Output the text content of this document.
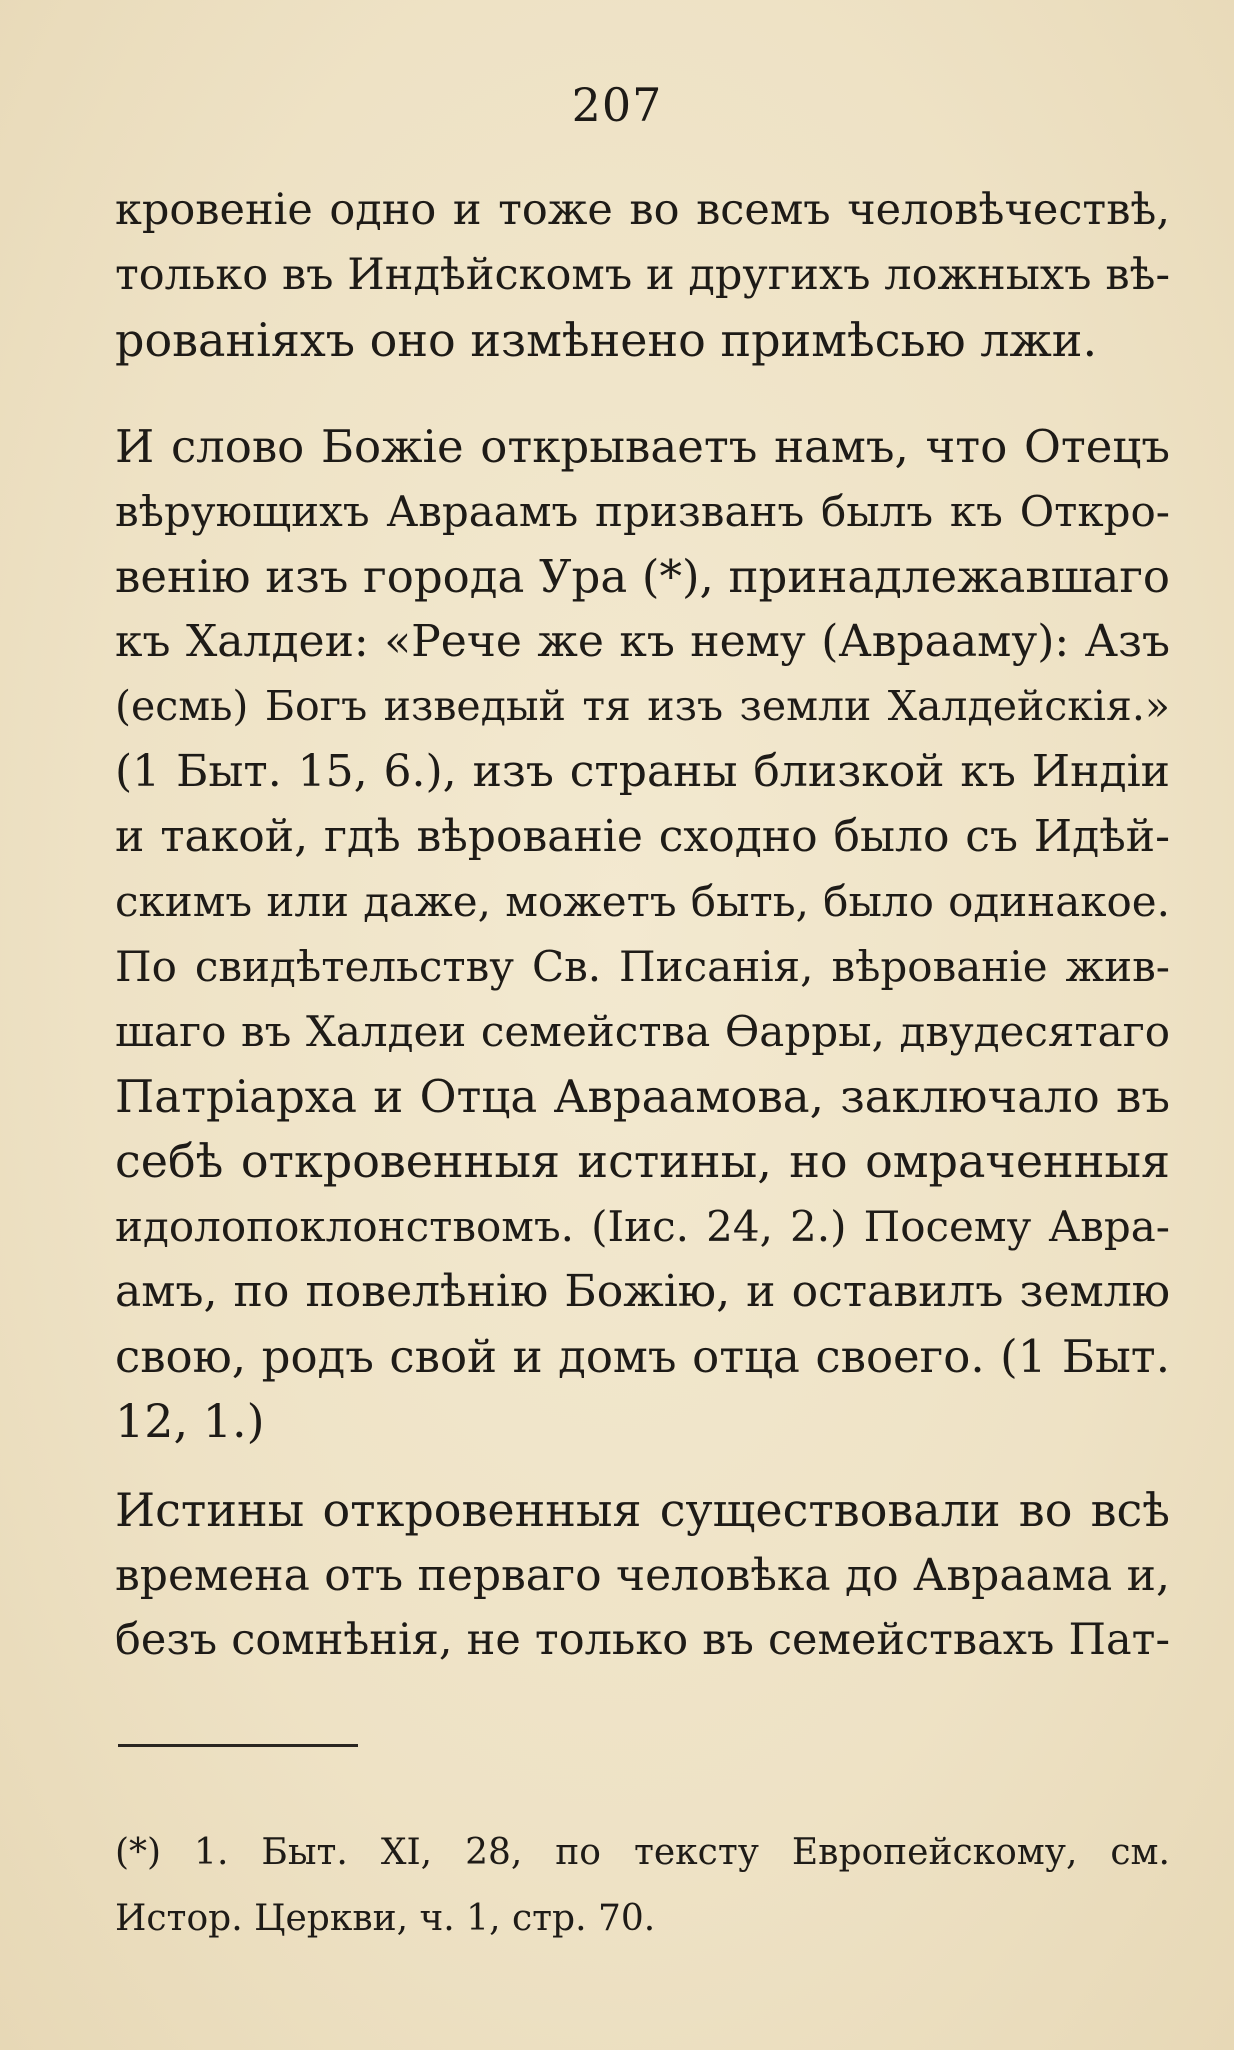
207
кровеніе одно и тоже во всемъ человѣчествѣ,
только въ Индѣйскомъ и другихъ ложныхъ вѣ-
рованіяхъ оно измѣнено примѣсью лжи.
И слово Божіе открываетъ намъ, что Отецъ
вѣрующихъ Авраамъ призванъ былъ къ Откро-
венію изъ города Ура (*), принадлежавшаго
къ Халдеи: «Рече же къ нему (Аврааму): Азъ
(есмь) Богъ изведый тя изъ земли Халдейскія.»
(1 Быт. 15, 6.), изъ страны близкой къ Индіи
и такой, гдѣ вѣрованіе сходно было съ Идѣй-
скимъ или даже, можетъ быть, было одинакое.
По свидѣтельству Св. Писанія, вѣрованіе жив-
шаго въ Халдеи семейства Өарры, двудесятаго
Патріарха и Отца Авраамова, заключало въ
себѣ откровенныя истины, но омраченныя
идолопоклонствомъ. (Іис. 24, 2.) Посему Авра-
амъ, по повелѣнію Божію, и оставилъ землю
свою, родъ свой и домъ отца своего. (1 Быт.
12, 1.)
Истины откровенныя существовали во всѣ
времена отъ перваго человѣка до Авраама и,
безъ сомнѣнія, не только въ семействахъ Пат-
(*) 1. Быт. XI, 28, по тексту Европейскому, см.
Истор. Церкви, ч. 1, стр. 70.
